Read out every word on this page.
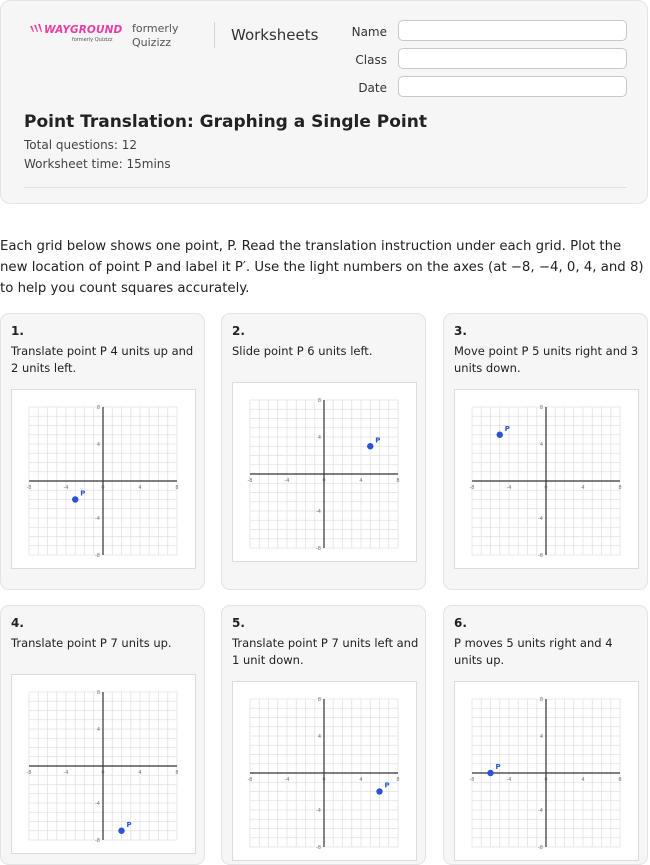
WAYGROUND
formerly Quizizz
formerly
Quizizz	Worksheets	Name
Class
Date
Point Translation: Graphing a Single Point
Total questions: 12
Worksheet time: 15mins
Each grid below shows one point, P. Read the translation instruction under each grid. Plot the new location of point P and label it P′. Use the light numbers on the axes (at −8, −4, 0, 4, and 8) to help you count squares accurately.
1.
Translate point P 4 units up and 2 units left.
-8
-8
-4
-4
0	4
4
8
8
P
2.
Slide point P 6 units left.
-8
-8
-4
-4
0	4
4
8
8
P
3.
Move point P 5 units right and 3 units down.
-8
-8
-4
-4
0	4
4
8
8
P
4.
Translate point P 7 units up.
-8
-8
-4
-4
0	4
4
8
8
P
5.
Translate point P 7 units left and 1 unit down.
-8
-8
-4
-4
0	4
4
8
8
P
6.
P moves 5 units right and 4 units up.
-8
-8
-4
-4
0	4
4
8
8
P
